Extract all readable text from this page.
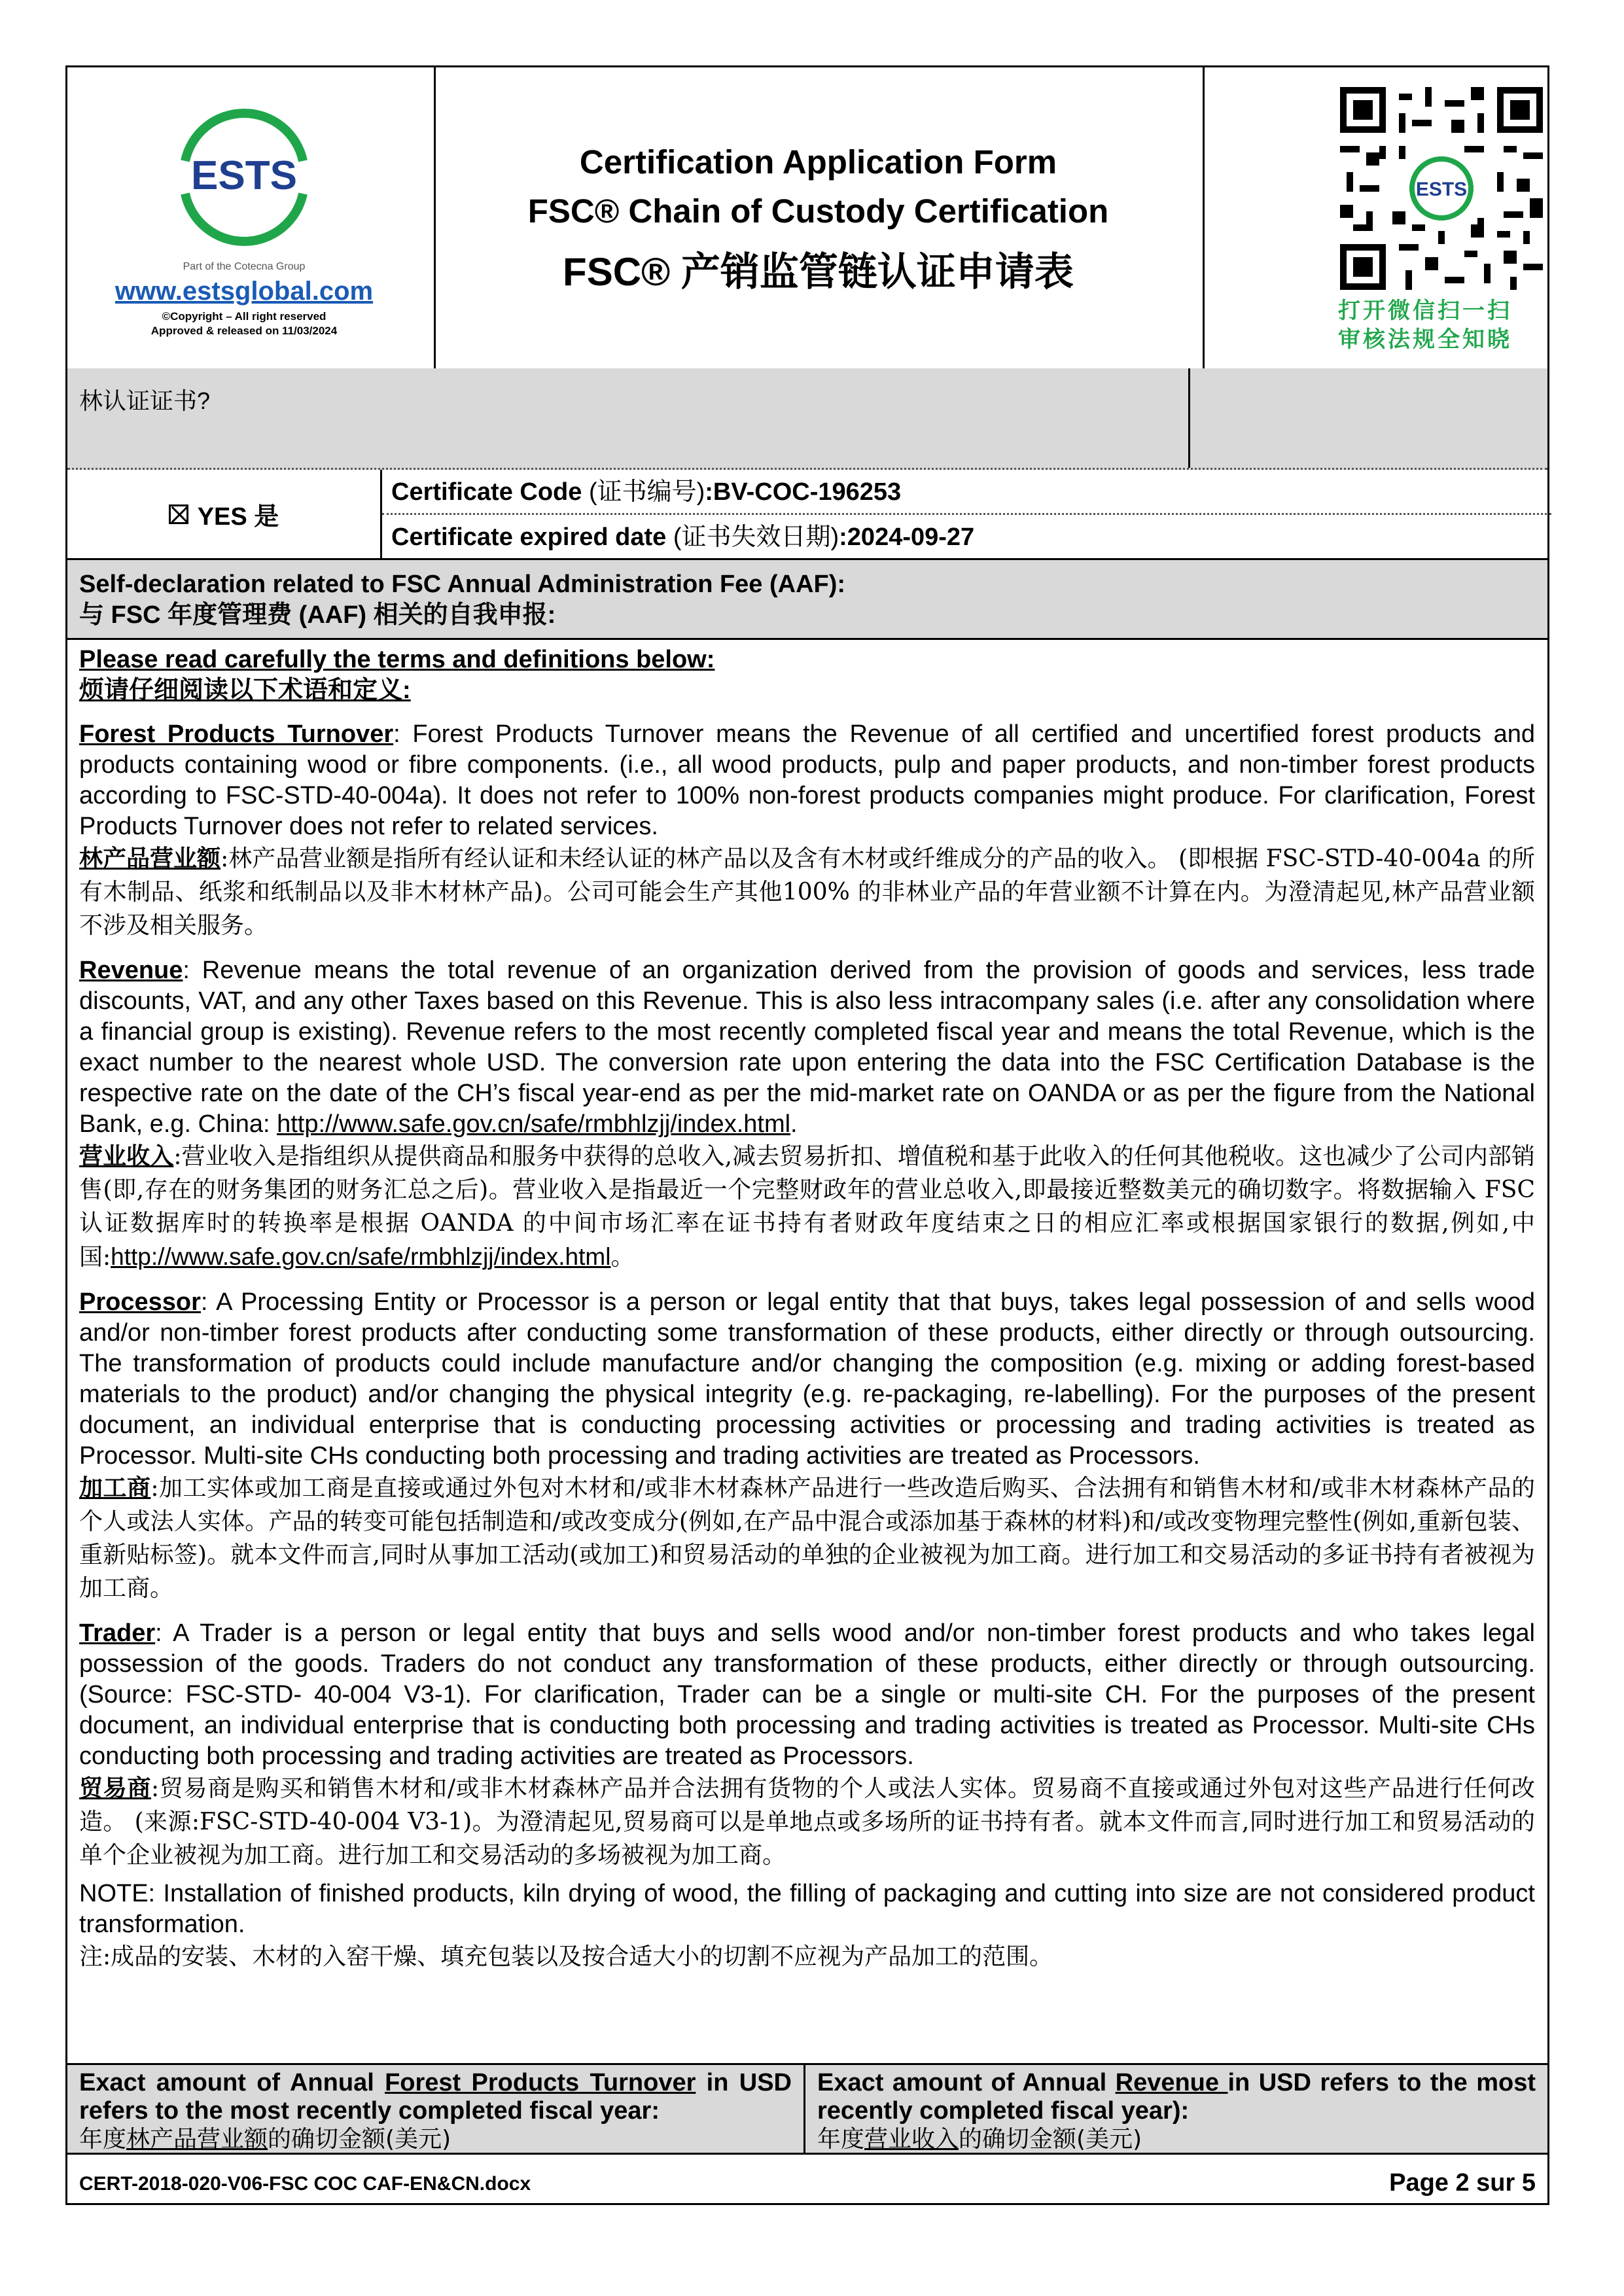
ESTS
Part of the Cotecna Group
www.estsglobal.com
©Copyright – All right reserved
Approved & released on 11/03/2024
Certification Application Form
FSC® Chain of Custody Certification
FSC® 产销监管链认证申请表
ESTS
打开微信扫一扫
审核法规全知晓
林认证证书?
YES 是
Certificate Code (证书编号):BV-COC-196253
Certificate expired date (证书失效日期):2024-09-27
Self-declaration related to FSC Annual Administration Fee (AAF):
与 FSC 年度管理费 (AAF) 相关的自我申报:

Please read carefully the terms and definitions below:

烦请仔细阅读以下术语和定义:

Forest Products Turnover: Forest Products Turnover means the Revenue of all certified and uncertified forest products and products containing wood or fibre components. (i.e., all wood products, pulp and paper products, and non-timber forest products according to FSC-STD-40-004a). It does not refer to 100% non-forest products companies might produce. For clarification, Forest Products Turnover does not refer to related services.

林产品营业额:林产品营业额是指所有经认证和未经认证的林产品以及含有木材或纤维成分的产品的收入。 (即根据 FSC-STD-40-004a 的所有木制品、纸浆和纸制品以及非木材林产品)。公司可能会生产其他100% 的非林业产品的年营业额不计算在内。为澄清起见,林产品营业额不涉及相关服务。

Revenue: Revenue means the total revenue of an organization derived from the provision of goods and services, less trade discounts, VAT, and any other Taxes based on this Revenue. This is also less intracompany sales (i.e. after any consolidation where a financial group is existing). Revenue refers to the most recently completed fiscal year and means the total Revenue, which is the exact number to the nearest whole USD. The conversion rate upon entering the data into the FSC Certification Database is the respective rate on the date of the CH’s fiscal year-end as per the mid-market rate on OANDA or as per the figure from the National Bank, e.g. China: http://www.safe.gov.cn/safe/rmbhlzjj/index.html.

营业收入:营业收入是指组织从提供商品和服务中获得的总收入,减去贸易折扣、增值税和基于此收入的任何其他税收。这也减少了公司内部销售(即,存在的财务集团的财务汇总之后)。营业收入是指最近一个完整财政年的营业总收入,即最接近整数美元的确切数字。将数据输入 FSC 认证数据库时的转换率是根据 OANDA 的中间市场汇率在证书持有者财政年度结束之日的相应汇率或根据国家银行的数据,例如,中国:http://www.safe.gov.cn/safe/rmbhlzjj/index.html。

Processor: A Processing Entity or Processor is a person or legal entity that that buys, takes legal possession of and sells wood and/or non-timber forest products after conducting some transformation of these products, either directly or through outsourcing. The transformation of products could include manufacture and/or changing the composition (e.g. mixing or adding forest-based materials to the product) and/or changing the physical integrity (e.g. re-packaging, re-labelling). For the purposes of the present document, an individual enterprise that is conducting processing activities or processing and trading activities is treated as Processor. Multi-site CHs conducting both processing and trading activities are treated as Processors.

加工商:加工实体或加工商是直接或通过外包对木材和/或非木材森林产品进行一些改造后购买、合法拥有和销售木材和/或非木材森林产品的个人或法人实体。产品的转变可能包括制造和/或改变成分(例如,在产品中混合或添加基于森林的材料)和/或改变物理完整性(例如,重新包装、重新贴标签)。就本文件而言,同时从事加工活动(或加工)和贸易活动的单独的企业被视为加工商。进行加工和交易活动的多证书持有者被视为加工商。

Trader: A Trader is a person or legal entity that buys and sells wood and/or non-timber forest products and who takes legal possession of the goods. Traders do not conduct any transformation of these products, either directly or through outsourcing. (Source: FSC-STD- 40-004 V3-1). For clarification, Trader can be a single or multi-site CH. For the purposes of the present document, an individual enterprise that is conducting both processing and trading activities is treated as Processor. Multi-site CHs conducting both processing and trading activities are treated as Processors.

贸易商:贸易商是购买和销售木材和/或非木材森林产品并合法拥有货物的个人或法人实体。贸易商不直接或通过外包对这些产品进行任何改造。 (来源:FSC-STD-40-004 V3-1)。为澄清起见,贸易商可以是单地点或多场所的证书持有者。就本文件而言,同时进行加工和贸易活动的单个企业被视为加工商。进行加工和交易活动的多场被视为加工商。

NOTE: Installation of finished products, kiln drying of wood, the filling of packaging and cutting into size are not considered product transformation.

注:成品的安装、木材的入窑干燥、填充包装以及按合适大小的切割不应视为产品加工的范围。

Exact amount of Annual Forest Products Turnover in USD refers to the most recently completed fiscal year:
年度林产品营业额的确切金额(美元)
Exact amount of Annual Revenue in USD refers to the most recently completed fiscal year):
年度营业收入的确切金额(美元)
CERT-2018-020-V06-FSC COC CAF-EN&CN.docx	Page 2 sur 5
